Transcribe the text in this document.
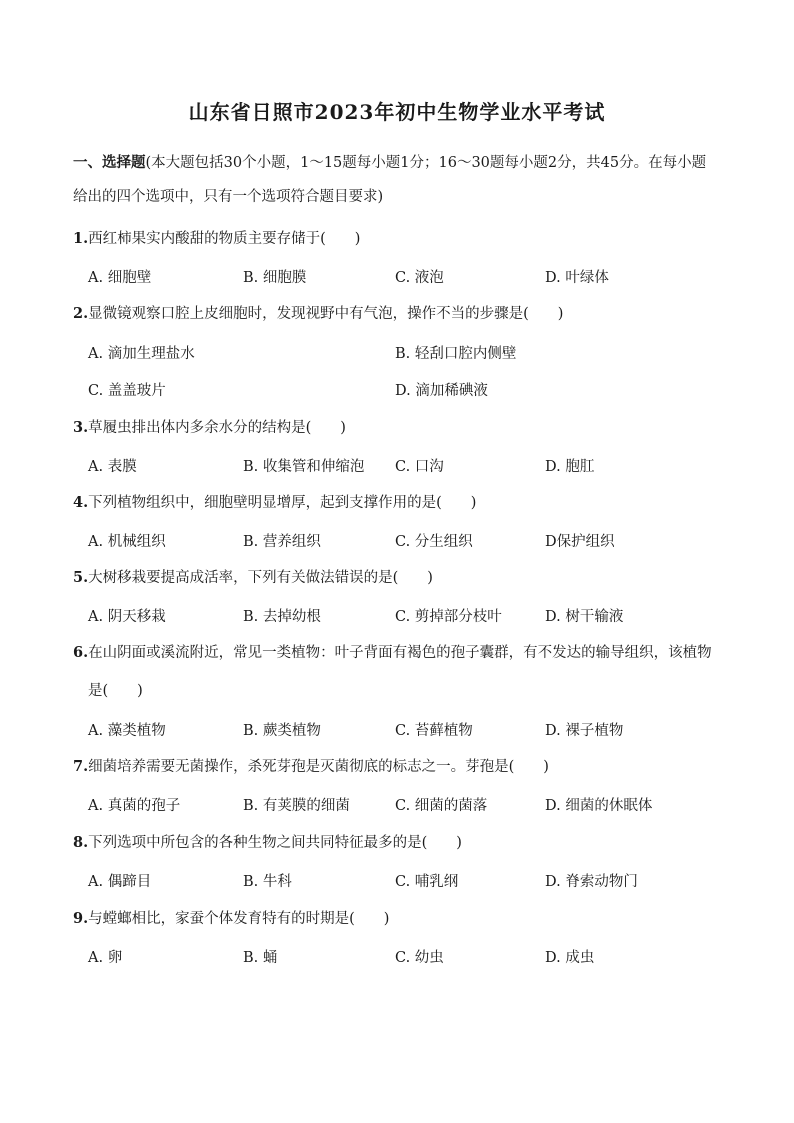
山东省日照市2023年初中生物学业水平考试
一、选择题(本大题包括30个小题，1～15题每小题1分；16～30题每小题2分，共45分。在每小题
给出的四个选项中，只有一个选项符合题目要求)
1.西红柿果实内酸甜的物质主要存储于(　　)
A. 细胞壁	B. 细胞膜	C. 液泡	D. 叶绿体
2.显微镜观察口腔上皮细胞时，发现视野中有气泡，操作不当的步骤是(　　)
A. 滴加生理盐水	B. 轻刮口腔内侧壁
C. 盖盖玻片	D. 滴加稀碘液
3.草履虫排出体内多余水分的结构是(　　)
A. 表膜	B. 收集管和伸缩泡 C. 口沟	D. 胞肛
4.下列植物组织中，细胞壁明显增厚，起到支撑作用的是(　　)
A. 机械组织	B. 营养组织	C. 分生组织	D保护组织
5.大树移栽要提高成活率，下列有关做法错误的是(　　)
A. 阴天移栽	B. 去掉幼根	C. 剪掉部分枝叶	D. 树干输液
6.在山阴面或溪流附近，常见一类植物：叶子背面有褐色的孢子囊群，有不发达的输导组织，该植物
是(　　)
A. 藻类植物	B. 蕨类植物	C. 苔藓植物	D. 裸子植物
7.细菌培养需要无菌操作，杀死芽孢是灭菌彻底的标志之一。芽孢是(　　)
A. 真菌的孢子	B. 有荚膜的细菌	C. 细菌的菌落	D. 细菌的休眠体
8.下列选项中所包含的各种生物之间共同特征最多的是(　　)
A. 偶蹄目	B. 牛科	C. 哺乳纲	D. 脊索动物门
9.与螳螂相比，家蚕个体发育特有的时期是(　　)
A. 卵	B. 蛹	C. 幼虫	D. 成虫
